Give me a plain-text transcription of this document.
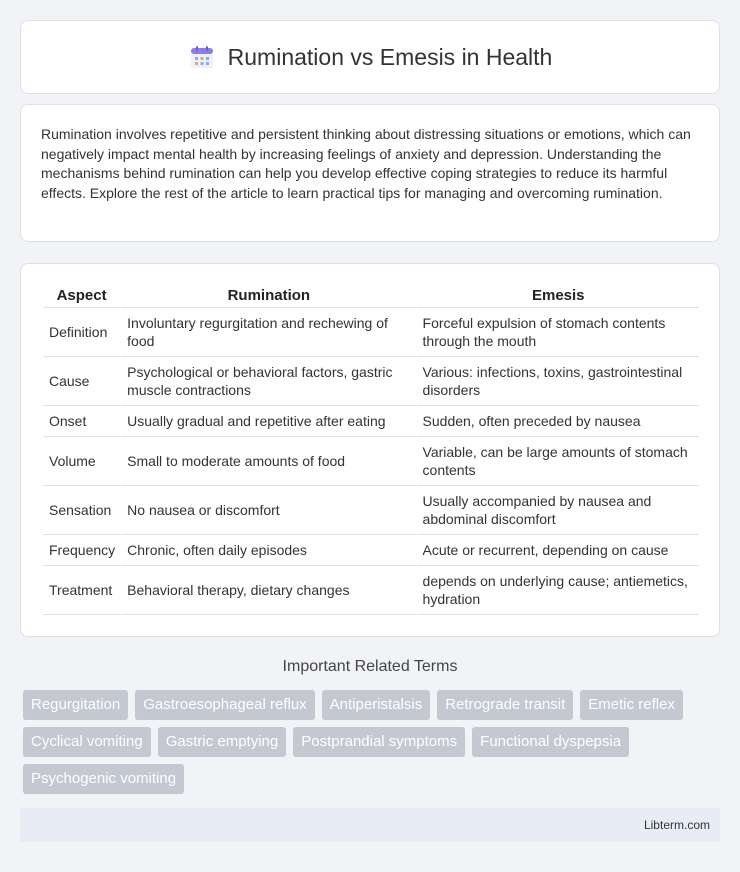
Rumination vs Emesis in Health

Rumination involves repetitive and persistent thinking about distressing situations or emotions, which can negatively impact mental health by increasing feelings of anxiety and depression. Understanding the mechanisms behind rumination can help you develop effective coping strategies to reduce its harmful effects. Explore the rest of the article to learn practical tips for managing and overcoming rumination.

Aspect	Rumination	Emesis
Definition	Involuntary regurgitation and rechewing of food	Forceful expulsion of stomach contents through the mouth
Cause	Psychological or behavioral factors, gastric muscle contractions	Various: infections, toxins, gastrointestinal disorders
Onset	Usually gradual and repetitive after eating	Sudden, often preceded by nausea
Volume	Small to moderate amounts of food	Variable, can be large amounts of stomach contents
Sensation	No nausea or discomfort	Usually accompanied by nausea and abdominal discomfort
Frequency	Chronic, often daily episodes	Acute or recurrent, depending on cause
Treatment	Behavioral therapy, dietary changes	depends on underlying cause; antiemetics, hydration
Important Related Terms
Regurgitation	Gastroesophageal reflux	Antiperistalsis	Retrograde transit	Emetic reflex
Cyclical vomiting	Gastric emptying	Postprandial symptoms	Functional dyspepsia
Psychogenic vomiting
Libterm.com
